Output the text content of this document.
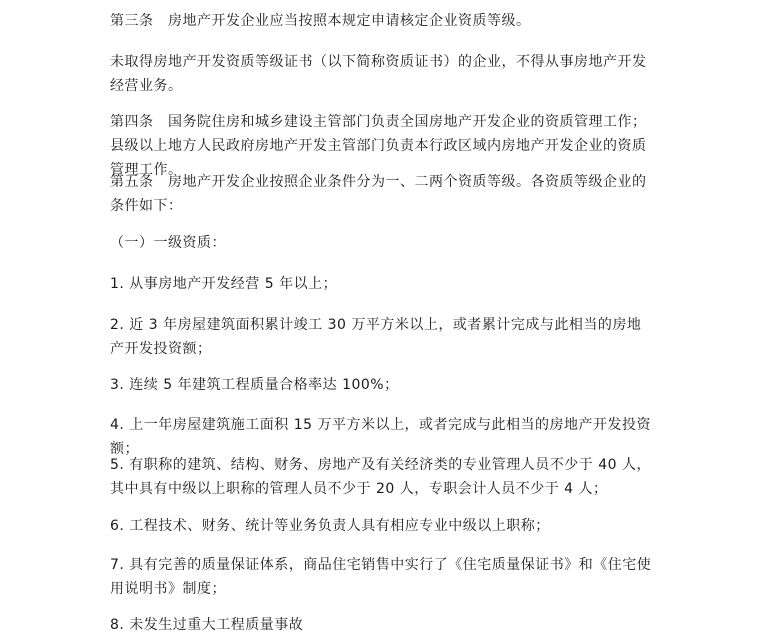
第三条　房地产开发企业应当按照本规定申请核定企业资质等级。

未取得房地产开发资质等级证书（以下简称资质证书）的企业，不得从事房地产开发经营业务。

第四条　国务院住房和城乡建设主管部门负责全国房地产开发企业的资质管理工作；县级以上地方人民政府房地产开发主管部门负责本行政区域内房地产开发企业的资质管理工作。

第五条　房地产开发企业按照企业条件分为一、二两个资质等级。各资质等级企业的条件如下：

（一）一级资质：

1. 从事房地产开发经营 5 年以上；

2. 近 3 年房屋建筑面积累计竣工 30 万平方米以上，或者累计完成与此相当的房地产开发投资额；

3. 连续 5 年建筑工程质量合格率达 100%；

4. 上一年房屋建筑施工面积 15 万平方米以上，或者完成与此相当的房地产开发投资额；

5. 有职称的建筑、结构、财务、房地产及有关经济类的专业管理人员不少于 40 人，其中具有中级以上职称的管理人员不少于 20 人，专职会计人员不少于 4 人；

6. 工程技术、财务、统计等业务负责人具有相应专业中级以上职称；

7. 具有完善的质量保证体系，商品住宅销售中实行了《住宅质量保证书》和《住宅使用说明书》制度；

8. 未发生过重大工程质量事故
